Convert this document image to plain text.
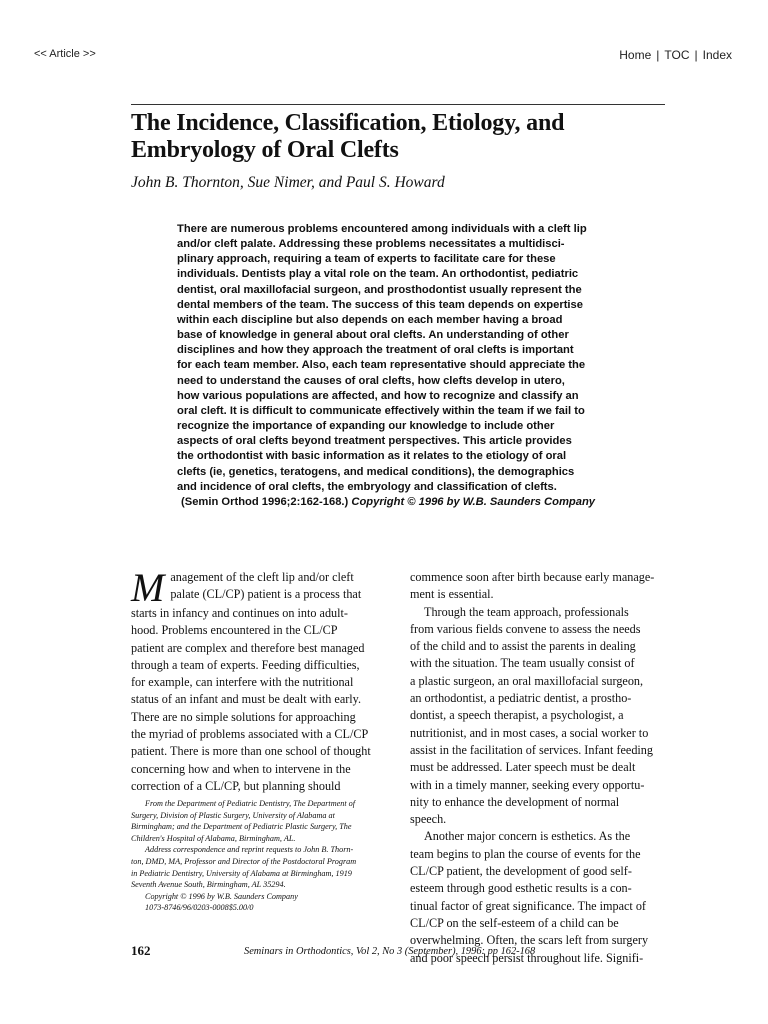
<< Article >>	Home | TOC | Index
The Incidence, Classification, Etiology, and
Embryology of Oral Clefts
John B. Thornton, Sue Nimer, and Paul S. Howard
There are numerous problems encountered among individuals with a cleft lip
and/or cleft palate. Addressing these problems necessitates a multidisci-
plinary approach, requiring a team of experts to facilitate care for these
individuals. Dentists play a vital role on the team. An orthodontist, pediatric
dentist, oral maxillofacial surgeon, and prosthodontist usually represent the
dental members of the team. The success of this team depends on expertise
within each discipline but also depends on each member having a broad
base of knowledge in general about oral clefts. An understanding of other
disciplines and how they approach the treatment of oral clefts is important
for each team member. Also, each team representative should appreciate the
need to understand the causes of oral clefts, how clefts develop in utero,
how various populations are affected, and how to recognize and classify an
oral cleft. It is difficult to communicate effectively within the team if we fail to
recognize the importance of expanding our knowledge to include other
aspects of oral clefts beyond treatment perspectives. This article provides
the orthodontist with basic information as it relates to the etiology of oral
clefts (ie, genetics, teratogens, and medical conditions), the demographics
and incidence of oral clefts, the embryology and classification of clefts.
(Semin Orthod 1996;2:162-168.) Copyright © 1996 by W.B. Saunders Company
M anagement of the cleft lip and/or cleft
palate (CL/CP) patient is a process that
starts in infancy and continues on into adult-
hood. Problems encountered in the CL/CP
patient are complex and therefore best managed
through a team of experts. Feeding difficulties,
for example, can interfere with the nutritional
status of an infant and must be dealt with early.
There are no simple solutions for approaching
the myriad of problems associated with a CL/CP
patient. There is more than one school of thought
concerning how and when to intervene in the
correction of a CL/CP, but planning should
commence soon after birth because early manage-
ment is essential.
Through the team approach, professionals
from various fields convene to assess the needs
of the child and to assist the parents in dealing
with the situation. The team usually consist of
a plastic surgeon, an oral maxillofacial surgeon,
an orthodontist, a pediatric dentist, a prostho-
dontist, a speech therapist, a psychologist, a
nutritionist, and in most cases, a social worker to
assist in the facilitation of services. Infant feeding
must be addressed. Later speech must be dealt
with in a timely manner, seeking every opportu-
nity to enhance the development of normal
speech.
Another major concern is esthetics. As the
team begins to plan the course of events for the
CL/CP patient, the development of good self-
esteem through good esthetic results is a con-
tinual factor of great significance. The impact of
CL/CP on the self-esteem of a child can be
overwhelming. Often, the scars left from surgery
and poor speech persist throughout life. Signifi-
From the Department of Pediatric Dentistry, The Department of
Surgery, Division of Plastic Surgery, University of Alabama at
Birmingham; and the Department of Pediatric Plastic Surgery, The
Children's Hospital of Alabama, Birmingham, AL.
Address correspondence and reprint requests to John B. Thorn-
ton, DMD, MA, Professor and Director of the Postdoctoral Program
in Pediatric Dentistry, University of Alabama at Birmingham, 1919
Seventh Avenue South, Birmingham, AL 35294.
Copyright © 1996 by W.B. Saunders Company
1073-8746/96/0203-0008$5.00/0
162	Seminars in Orthodontics, Vol 2, No 3 (September), 1996: pp 162-168
